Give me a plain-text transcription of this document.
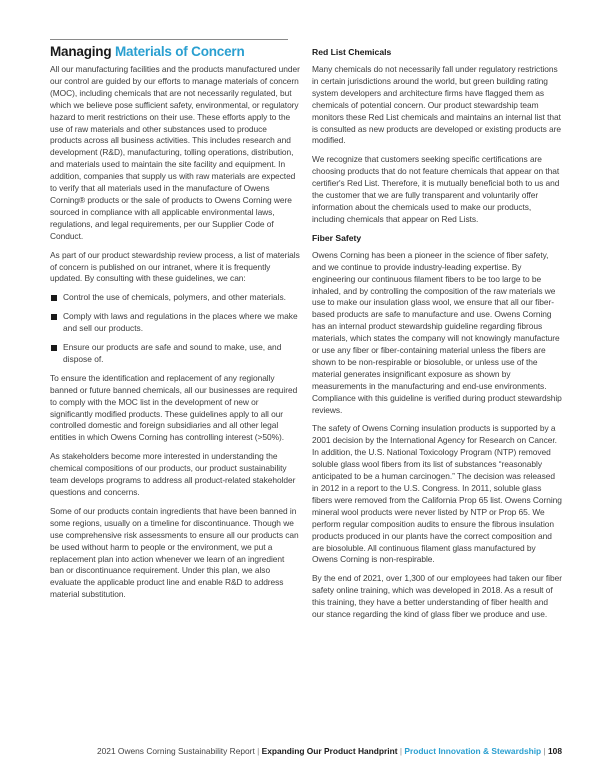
Managing Materials of Concern

All our manufacturing facilities and the products manufactured under our control are guided by our efforts to manage materials of concern (MOC), including chemicals that are not necessarily regulated, but which we believe pose sufficient safety, environmental, or regulatory hazard to merit restrictions on their use. These efforts apply to the use of raw materials and other substances used to produce products across all business activities. This includes research and development (R&D), manufacturing, tolling operations, distribution, and materials used to maintain the site facility and equipment. In addition, companies that supply us with raw materials are expected to verify that all materials used in the manufacture of Owens Corning® products or the sale of products to Owens Corning were sourced in compliance with all applicable environmental laws, regulations, and legal requirements, per our Supplier Code of Conduct.

As part of our product stewardship review process, a list of materials of concern is published on our intranet, where it is frequently updated. By consulting with these guidelines, we can:

Control the use of chemicals, polymers, and other materials.
Comply with laws and regulations in the places where we make and sell our products.
Ensure our products are safe and sound to make, use, and dispose of.

To ensure the identification and replacement of any regionally banned or future banned chemicals, all our businesses are required to comply with the MOC list in the development of new or significantly modified products. These guidelines apply to all our controlled domestic and foreign subsidiaries and all other legal entities in which Owens Corning has controlling interest (>50%).

As stakeholders become more interested in understanding the chemical compositions of our products, our product sustainability team develops programs to address all product-related stakeholder questions and concerns.

Some of our products contain ingredients that have been banned in some regions, usually on a timeline for discontinuance. Though we use comprehensive risk assessments to ensure all our products can be used without harm to people or the environment, we put a replacement plan into action whenever we learn of an ingredient ban or discontinuance requirement. Under this plan, we also evaluate the applicable product line and enable R&D to address material substitution.

Red List Chemicals

Many chemicals do not necessarily fall under regulatory restrictions in certain jurisdictions around the world, but green building rating system developers and architecture firms have flagged them as chemicals of potential concern. Our product stewardship team monitors these Red List chemicals and maintains an internal list that is consulted as new products are developed or existing products are modified.

We recognize that customers seeking specific certifications are choosing products that do not feature chemicals that appear on that certifier's Red List. Therefore, it is mutually beneficial both to us and the customer that we are fully transparent and voluntarily offer information about the chemicals used to make our products, including chemicals that appear on Red Lists.

Fiber Safety

Owens Corning has been a pioneer in the science of fiber safety, and we continue to provide industry-leading expertise. By engineering our continuous filament fibers to be too large to be inhaled, and by controlling the composition of the raw materials we use to make our insulation glass wool, we ensure that all our fiber-based products are safe to manufacture and use. Owens Corning has an internal product stewardship guideline regarding fibrous materials, which states the company will not knowingly manufacture or use any fiber or fiber-containing material unless the fibers are shown to be non-respirable or biosoluble, or unless use of the material generates insignificant exposure as shown by measurements in the manufacturing and end-use environments. Compliance with this guideline is verified during product stewardship reviews.

The safety of Owens Corning insulation products is supported by a 2001 decision by the International Agency for Research on Cancer. In addition, the U.S. National Toxicology Program (NTP) removed soluble glass wool fibers from its list of substances “reasonably anticipated to be a human carcinogen.” The decision was released in 2012 in a report to the U.S. Congress. In 2011, soluble glass fibers were removed from the California Prop 65 list. Owens Corning mineral wool products were never listed by NTP or Prop 65. We perform regular composition audits to ensure the fibrous insulation products produced in our plants have the correct composition and are biosoluble. All continuous filament glass manufactured by Owens Corning is non-respirable.

By the end of 2021, over 1,300 of our employees had taken our fiber safety online training, which was developed in 2018. As a result of this training, they have a better understanding of fiber health and our stance regarding the kind of glass fiber we produce and use.

2021 Owens Corning Sustainability Report | Expanding Our Product Handprint | Product Innovation & Stewardship | 108
